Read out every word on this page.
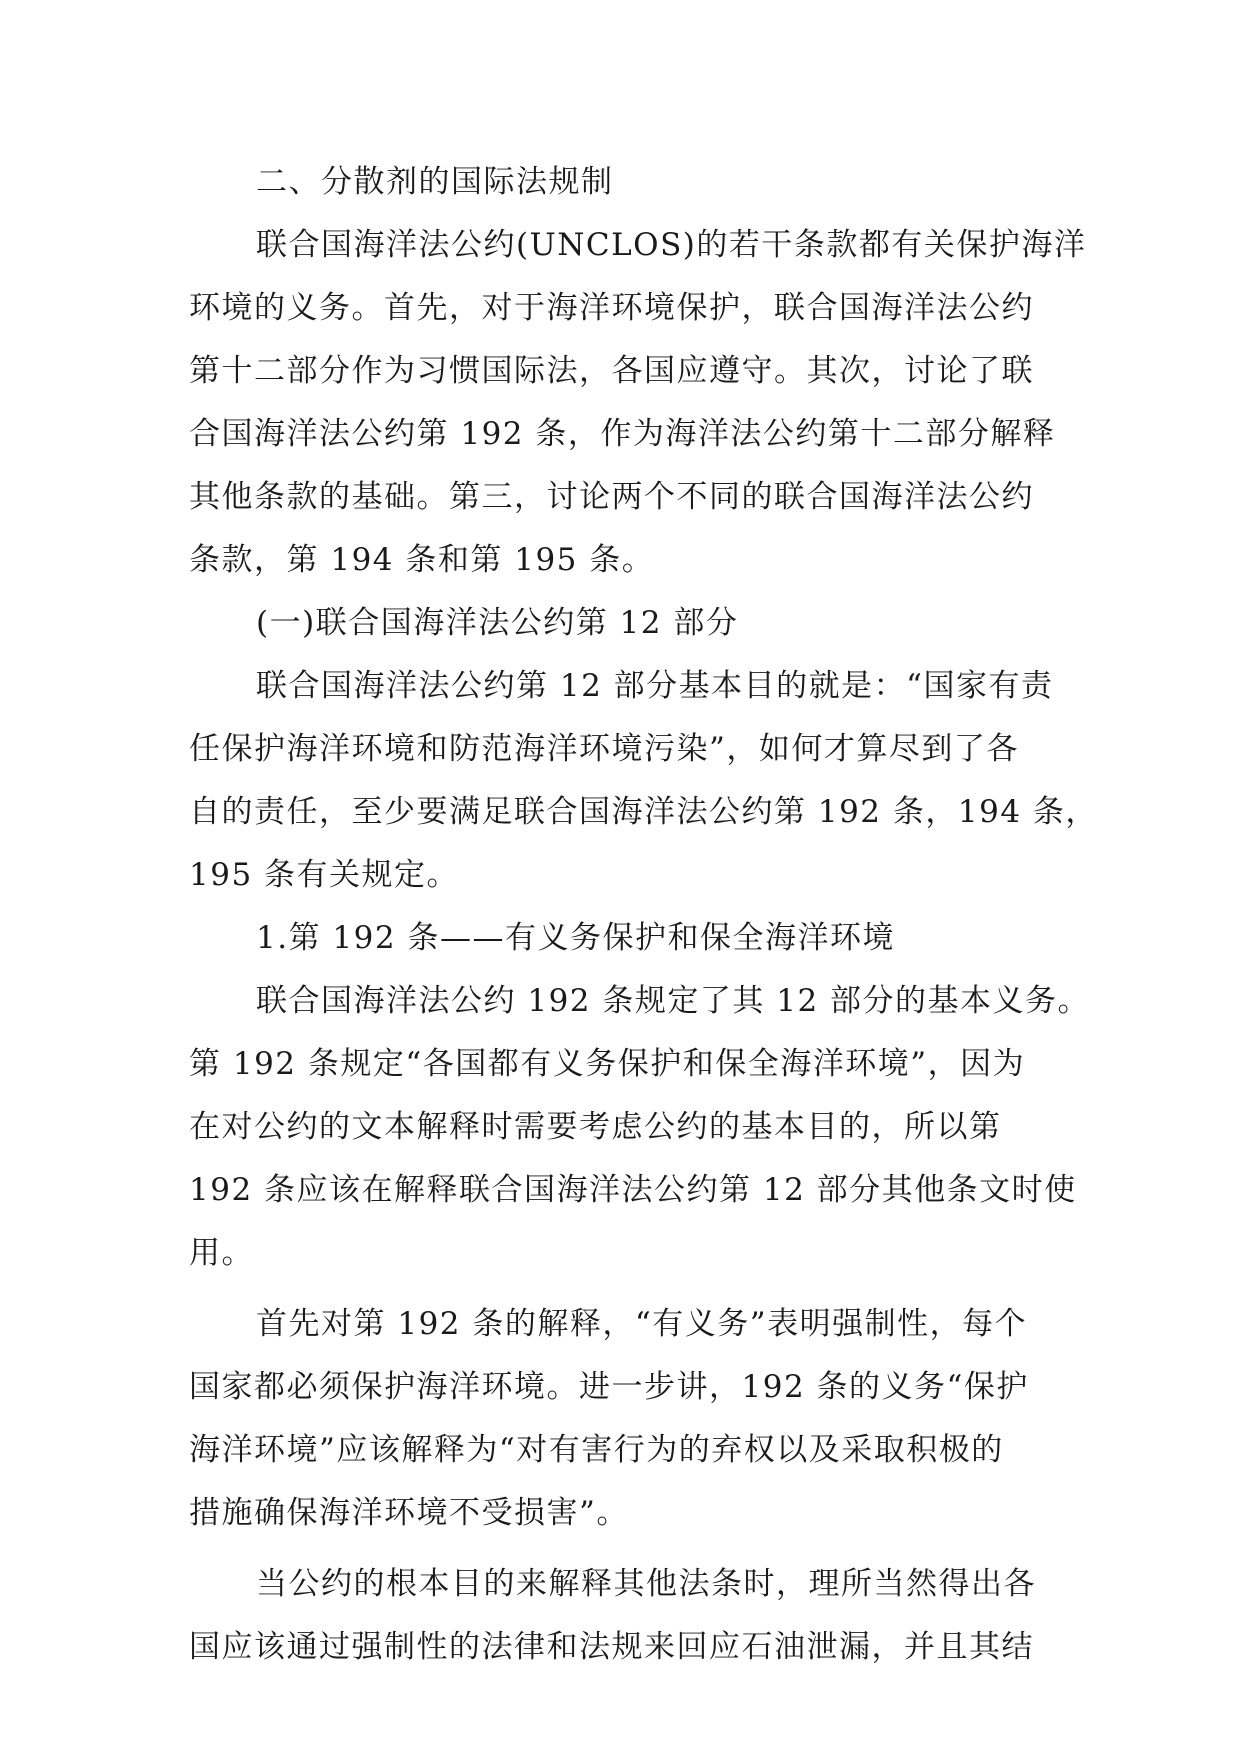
二、分散剂的国际法规制
联合国海洋法公约(UNCLOS)的若干条款都有关保护海洋
环境的义务。首先，对于海洋环境保护，联合国海洋法公约
第十二部分作为习惯国际法，各国应遵守。其次，讨论了联
合国海洋法公约第 192 条，作为海洋法公约第十二部分解释
其他条款的基础。第三，讨论两个不同的联合国海洋法公约
条款，第 194 条和第 195 条。
(一)联合国海洋法公约第 12 部分
联合国海洋法公约第 12 部分基本目的就是：“国家有责
任保护海洋环境和防范海洋环境污染”，如何才算尽到了各
自的责任，至少要满足联合国海洋法公约第 192 条，194 条，
195 条有关规定。
1.第 192 条——有义务保护和保全海洋环境
联合国海洋法公约 192 条规定了其 12 部分的基本义务。
第 192 条规定“各国都有义务保护和保全海洋环境”，因为
在对公约的文本解释时需要考虑公约的基本目的，所以第
192 条应该在解释联合国海洋法公约第 12 部分其他条文时使
用。
首先对第 192 条的解释，“有义务”表明强制性，每个
国家都必须保护海洋环境。进一步讲，192 条的义务“保护
海洋环境”应该解释为“对有害行为的弃权以及采取积极的
措施确保海洋环境不受损害”。
当公约的根本目的来解释其他法条时，理所当然得出各
国应该通过强制性的法律和法规来回应石油泄漏，并且其结
